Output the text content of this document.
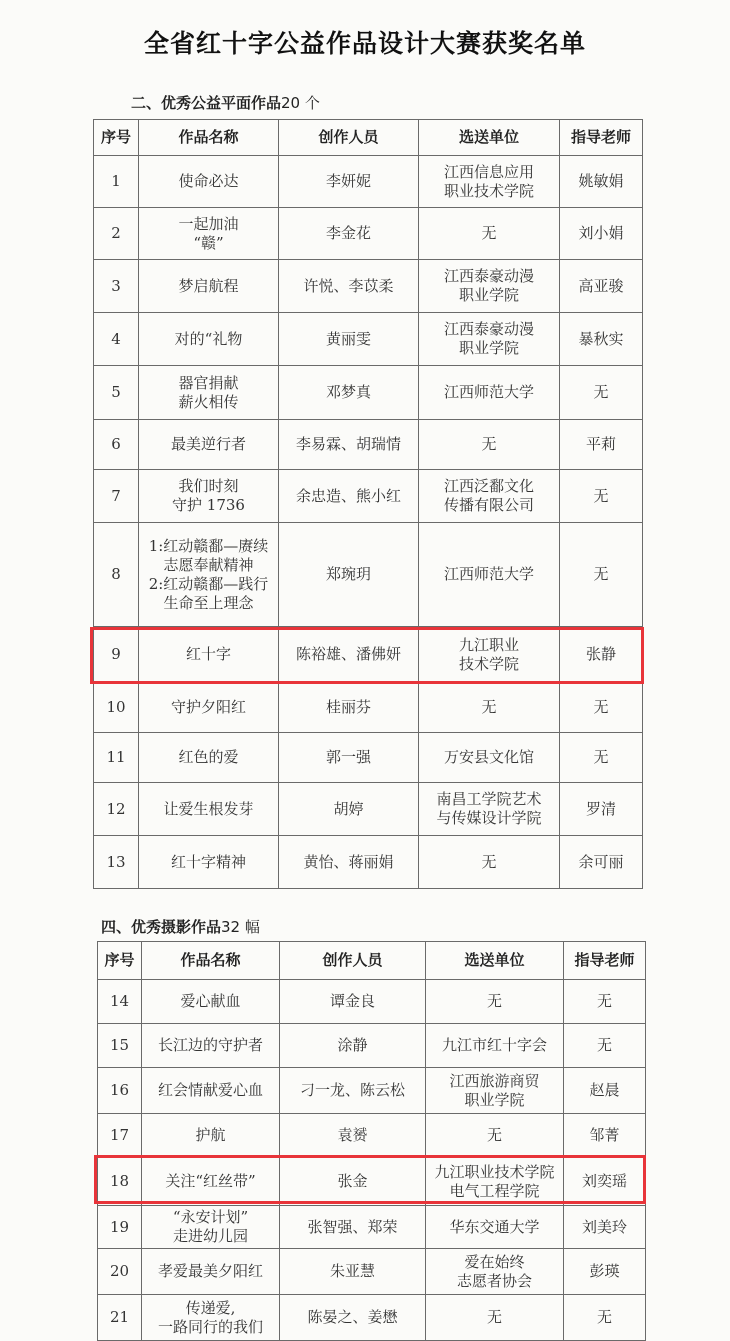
全省红十字公益作品设计大赛获奖名单
二、优秀公益平面作品20 个
序号	作品名称	创作人员	选送单位	指导老师
1	使命必达	李妍妮	江西信息应用
职业技术学院	姚敏娟

2	一起加油
“赣”	李金花	无	刘小娟

3	梦启航程	许悦、李苡柔	江西泰豪动漫
职业学院	高亚骏

4	对的“礼物	黄丽雯	江西泰豪动漫
职业学院	暴秋实

5	器官捐献
薪火相传	邓梦真	江西师范大学	无

6	最美逆行者	李易霖、胡瑞情	无	平莉

7	我们时刻
守护 1736	余忠造、熊小红	江西泛鄱文化
传播有限公司	无

8	1:红动赣鄱—赓续
志愿奉献精神
2:红动赣鄱—践行
生命至上理念	郑琬玥	江西师范大学	无

9	红十字	陈裕雄、潘佛妍	九江职业
技术学院	张静

10	守护夕阳红	桂丽芬	无	无

11	红色的爱	郭一强	万安县文化馆	无

12	让爱生根发芽	胡婷	南昌工学院艺术
与传媒设计学院	罗清

13	红十字精神	黄怡、蒋丽娟	无	余可丽
四、优秀摄影作品32 幅
序号	作品名称	创作人员	选送单位	指导老师
14	爱心献血	谭金良	无	无

15	长江边的守护者	涂静	九江市红十字会	无

16	红会情献爱心血	刁一龙、陈云松	江西旅游商贸
职业学院	赵晨

17	护航	袁赟	无	邹菁

18	关注“红丝带”	张金	九江职业技术学院
电气工程学院	刘奕瑶

19	“永安计划”
走进幼儿园	张智强、郑荣	华东交通大学	刘美玲

20	孝爱最美夕阳红	朱亚慧	爱在始终
志愿者协会	彭瑛

21	传递爱,
一路同行的我们	陈晏之、姜懋	无	无
